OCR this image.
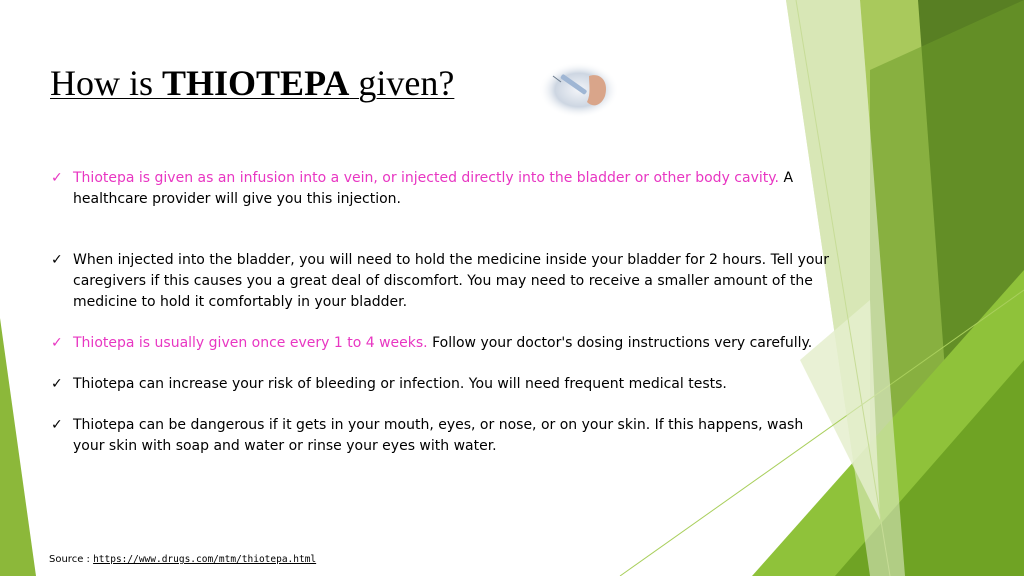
How is THIOTEPA given?
✓ Thiotepa is given as an infusion into a vein, or injected directly into the bladder or other body cavity. A healthcare provider will give you this injection.
✓ When injected into the bladder, you will need to hold the medicine inside your bladder for 2 hours. Tell your caregivers if this causes you a great deal of discomfort. You may need to receive a smaller amount of the medicine to hold it comfortably in your bladder.
✓ Thiotepa is usually given once every 1 to 4 weeks. Follow your doctor's dosing instructions very carefully.
✓ Thiotepa can increase your risk of bleeding or infection. You will need frequent medical tests.
✓ Thiotepa can be dangerous if it gets in your mouth, eyes, or nose, or on your skin. If this happens, wash your skin with soap and water or rinse your eyes with water.
Source : https://www.drugs.com/mtm/thiotepa.html
